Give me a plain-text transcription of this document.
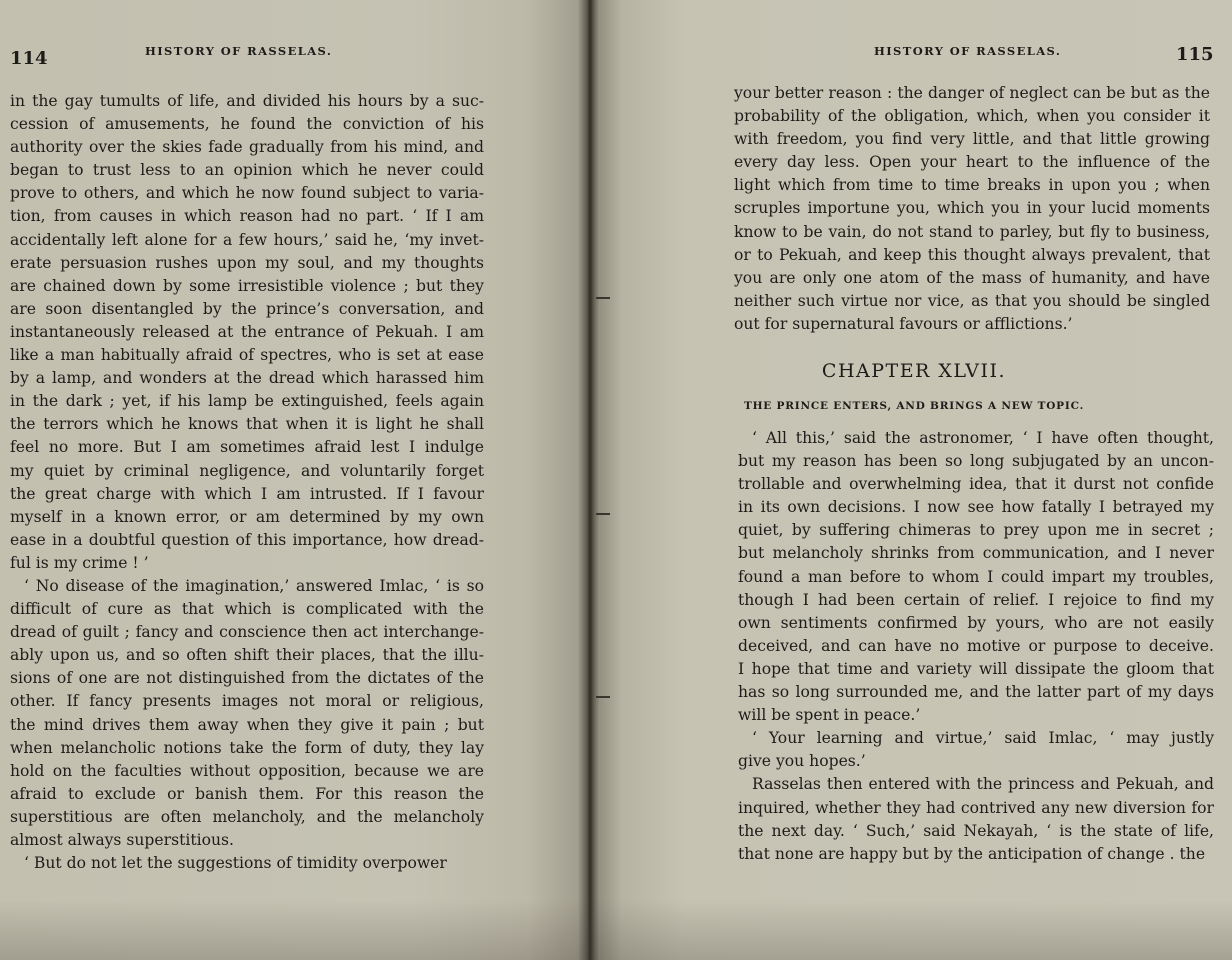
114	HISTORY OF RASSELAS.
in the gay tumults of life, and divided his hours by a suc-
cession of amusements, he found the conviction of his
authority over the skies fade gradually from his mind, and
began to trust less to an opinion which he never could
prove to others, and which he now found subject to varia-
tion, from causes in which reason had no part. ‘ If I am
accidentally left alone for a few hours,’ said he, ‘my invet-
erate persuasion rushes upon my soul, and my thoughts
are chained down by some irresistible violence ; but they
are soon disentangled by the prince’s conversation, and
instantaneously released at the entrance of Pekuah. I am
like a man habitually afraid of spectres, who is set at ease
by a lamp, and wonders at the dread which harassed him
in the dark ; yet, if his lamp be extinguished, feels again
the terrors which he knows that when it is light he shall
feel no more. But I am sometimes afraid lest I indulge
my quiet by criminal negligence, and voluntarily forget
the great charge with which I am intrusted. If I favour
myself in a known error, or am determined by my own
ease in a doubtful question of this importance, how dread-
ful is my crime ! ’
‘ No disease of the imagination,’ answered Imlac, ‘ is so
difficult of cure as that which is complicated with the
dread of guilt ; fancy and conscience then act interchange-
ably upon us, and so often shift their places, that the illu-
sions of one are not distinguished from the dictates of the
other. If fancy presents images not moral or religious,
the mind drives them away when they give it pain ; but
when melancholic notions take the form of duty, they lay
hold on the faculties without opposition, because we are
afraid to exclude or banish them. For this reason the
superstitious are often melancholy, and the melancholy
almost always superstitious.
‘ But do not let the suggestions of timidity overpower
HISTORY OF RASSELAS.	115
your better reason : the danger of neglect can be but as the
probability of the obligation, which, when you consider it
with freedom, you find very little, and that little growing
every day less. Open your heart to the influence of the
light which from time to time breaks in upon you ; when
scruples importune you, which you in your lucid moments
know to be vain, do not stand to parley, but fly to business,
or to Pekuah, and keep this thought always prevalent, that
you are only one atom of the mass of humanity, and have
neither such virtue nor vice, as that you should be singled
out for supernatural favours or afflictions.’
CHAPTER XLVII.
THE PRINCE ENTERS, AND BRINGS A NEW TOPIC.
‘ All this,’ said the astronomer, ‘ I have often thought,
but my reason has been so long subjugated by an uncon-
trollable and overwhelming idea, that it durst not confide
in its own decisions. I now see how fatally I betrayed my
quiet, by suffering chimeras to prey upon me in secret ;
but melancholy shrinks from communication, and I never
found a man before to whom I could impart my troubles,
though I had been certain of relief. I rejoice to find my
own sentiments confirmed by yours, who are not easily
deceived, and can have no motive or purpose to deceive.
I hope that time and variety will dissipate the gloom that
has so long surrounded me, and the latter part of my days
will be spent in peace.’
‘ Your learning and virtue,’ said Imlac, ‘ may justly
give you hopes.’
Rasselas then entered with the princess and Pekuah, and
inquired, whether they had contrived any new diversion for
the next day. ‘ Such,’ said Nekayah, ‘ is the state of life,
that none are happy but by the anticipation of change . the
